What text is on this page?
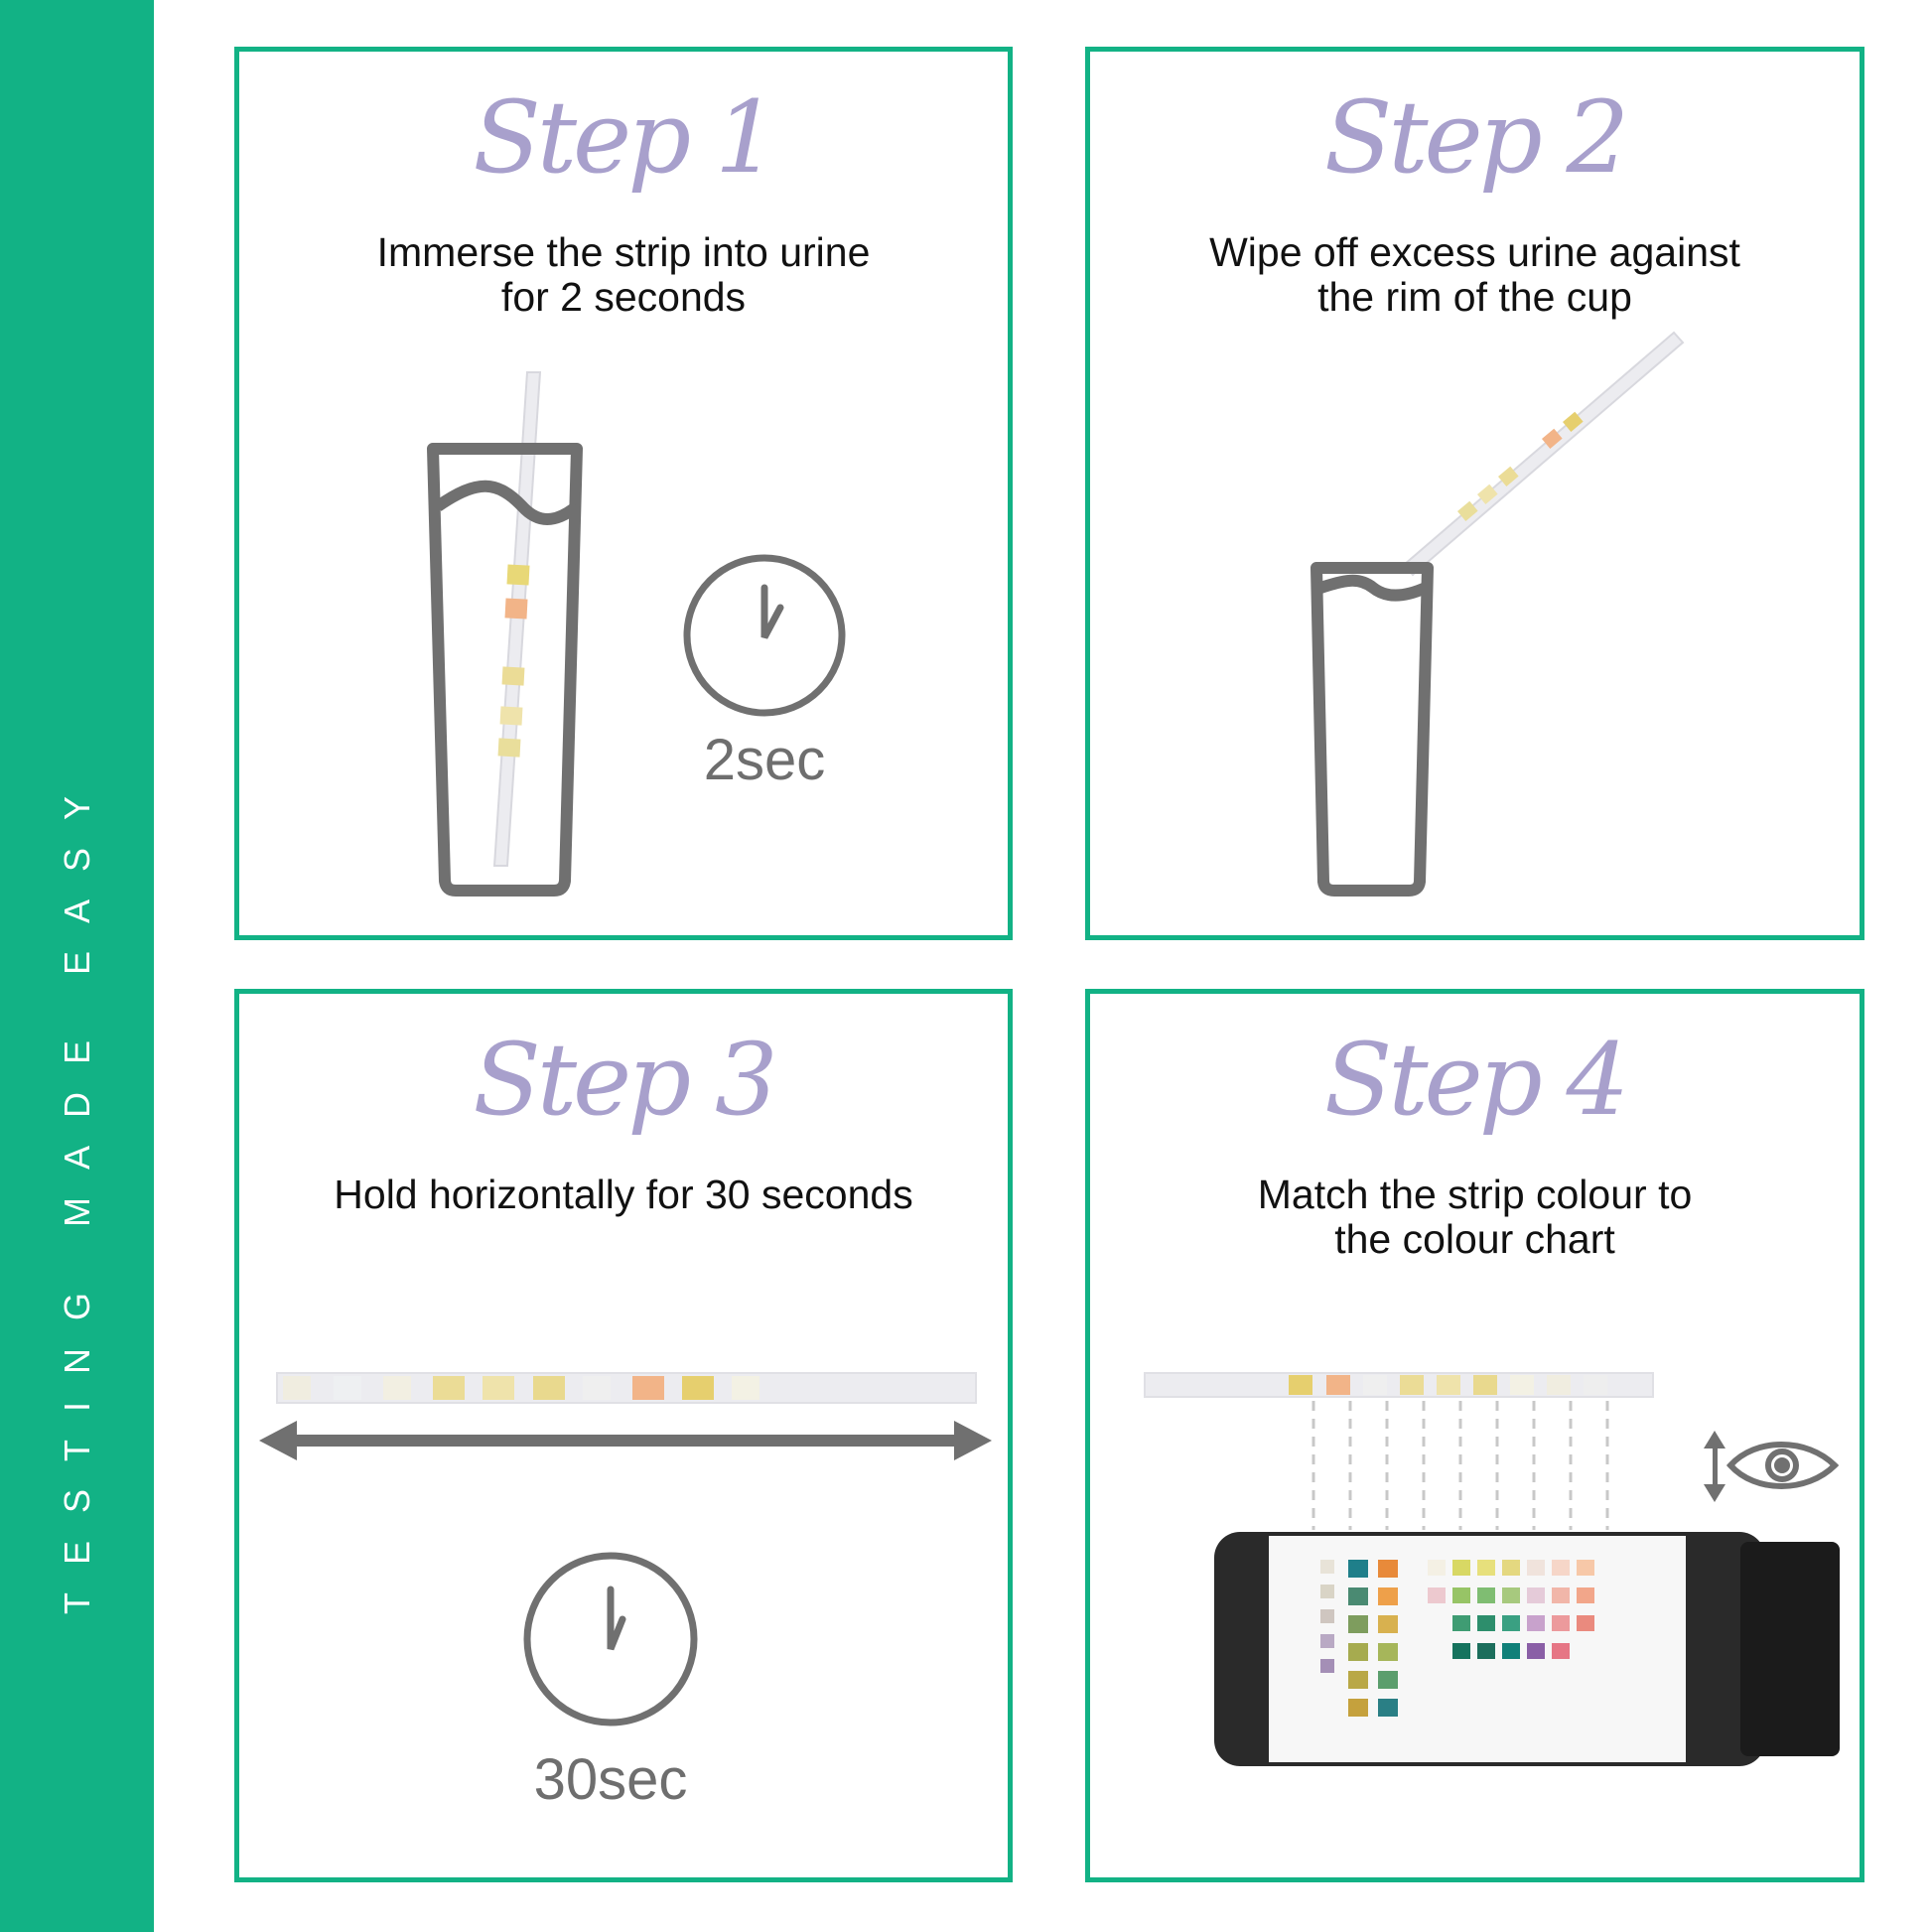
TESTING MADE EASY
Step 1
Immerse the strip into urine
for 2 seconds
2sec
Step 2
Wipe off excess urine against
the rim of the cup
Step 3
Hold horizontally for 30 seconds
30sec
Step 4
Match the strip colour to
the colour chart
